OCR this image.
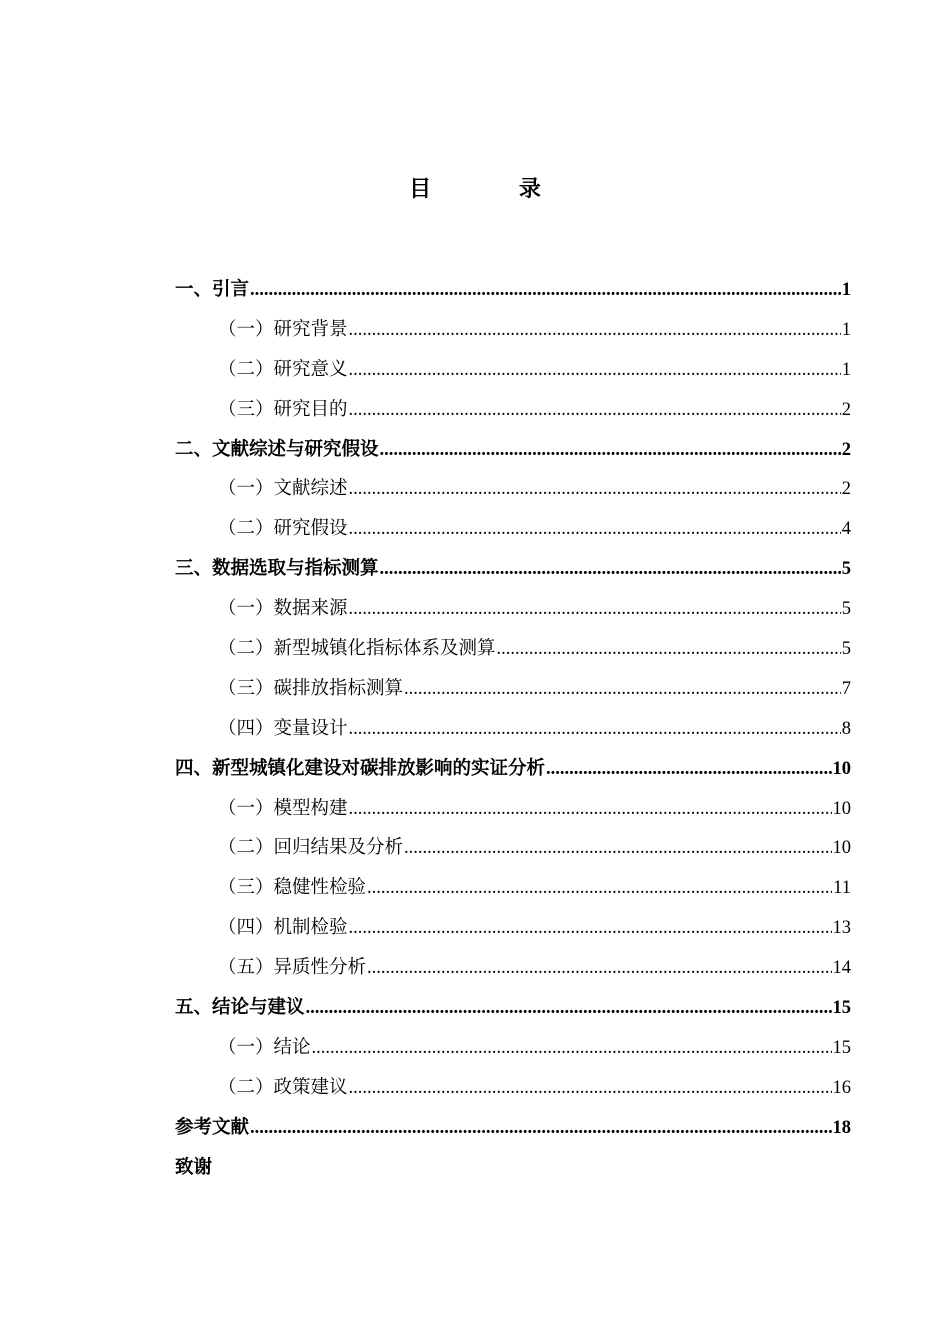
目 录
一、引言 .....	1
（一）研究背景 .....	1
（二）研究意义 .....	1
（三）研究目的 .....	2
二、文献综述与研究假设 .....	2
（一）文献综述 .....	2
（二）研究假设 .....	4
三、数据选取与指标测算 .....	5
（一）数据来源 .....	5
（二）新型城镇化指标体系及测算 .....	5
（三）碳排放指标测算 .....	7
（四）变量设计 .....	8
四、新型城镇化建设对碳排放影响的实证分析 .....	10
（一）模型构建 .....	10
（二）回归结果及分析 .....	10
（三）稳健性检验 .....	11
（四）机制检验 .....	13
（五）异质性分析 .....	14
五、结论与建议 .....	15
（一）结论 .....	15
（二）政策建议 .....	16
参考文献 .....	18
致谢
